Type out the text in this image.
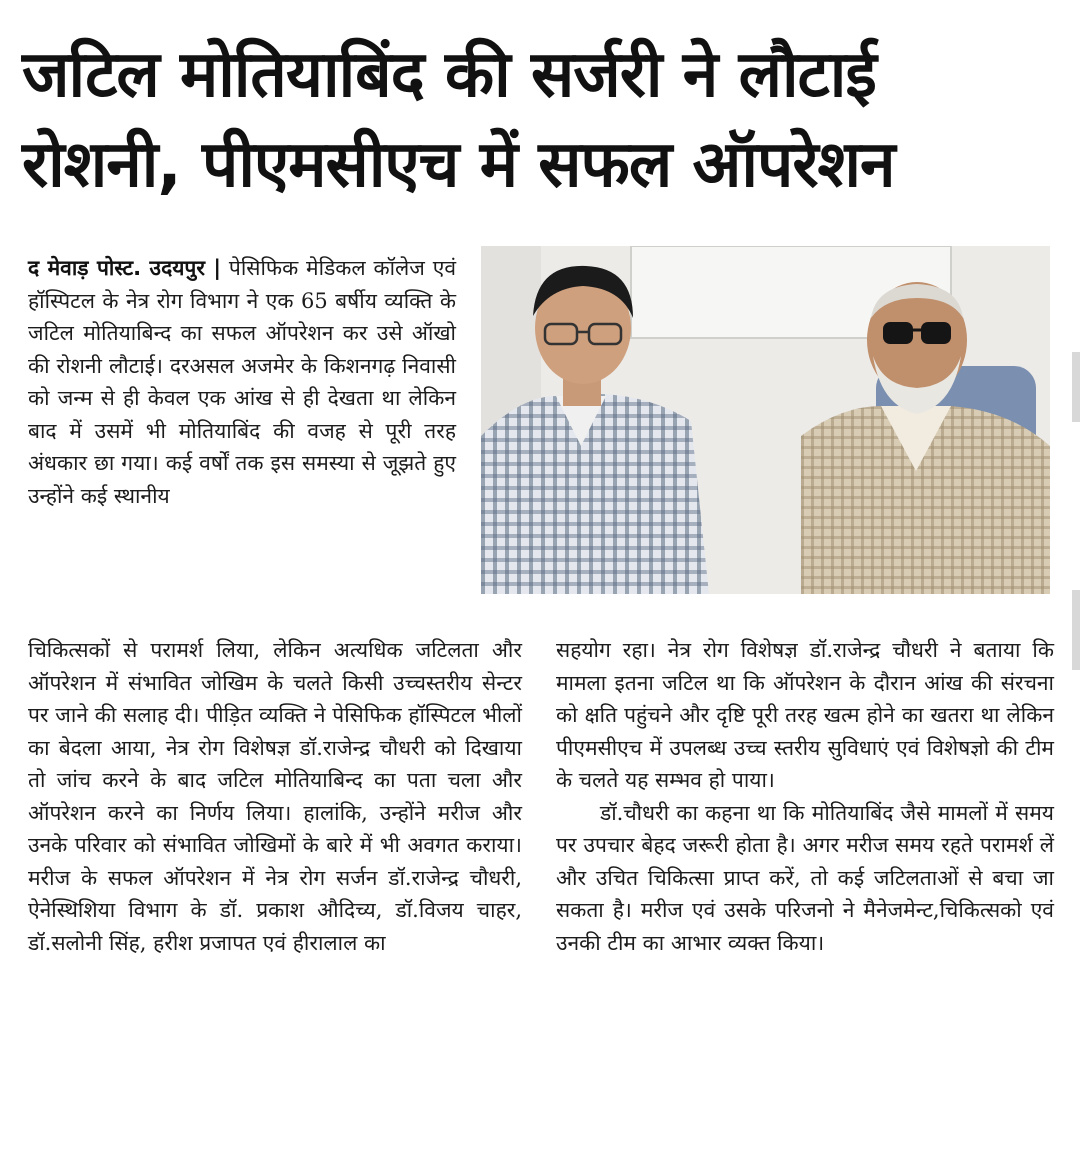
जटिल मोतियाबिंद की सर्जरी ने लौटाई
रोशनी, पीएमसीएच में सफल ऑपरेशन

द मेवाड़ पोस्ट. उदयपुर | पेसिफिक मेडिकल कॉलेज एवं हॉस्पिटल के नेत्र रोग विभाग ने एक 65 बर्षीय व्यक्ति के जटिल मोतियाबिन्द का सफल ऑपरेशन कर उसे ऑखो की रोशनी लौटाई। दरअसल अजमेर के किशनगढ़ निवासी को जन्म से ही केवल एक आंख से ही देखता था लेकिन बाद में उसमें भी मोतियाबिंद की वजह से पूरी तरह अंधकार छा गया। कई वर्षों तक इस समस्या से जूझते हुए उन्होंने कई स्थानीय

चिकित्सकों से परामर्श लिया, लेकिन अत्यधिक जटिलता और ऑपरेशन में संभावित जोखिम के चलते किसी उच्चस्तरीय सेन्टर पर जाने की सलाह दी। पीड़ित व्यक्ति ने पेसिफिक हॉस्पिटल भीलों का बेदला आया, नेत्र रोग विशेषज्ञ डॉ.राजेन्द्र चौधरी को दिखाया तो जांच करने के बाद जटिल मोतियाबिन्द का पता चला और ऑपरेशन करने का निर्णय लिया। हालांकि, उन्होंने मरीज और उनके परिवार को संभावित जोखिमों के बारे में भी अवगत कराया। मरीज के सफल ऑपरेशन में नेत्र रोग सर्जन डॉ.राजेन्द्र चौधरी, ऐनेस्थिशिया विभाग के डॉ. प्रकाश औदिच्य, डॉ.विजय चाहर, डॉ.सलोनी सिंह, हरीश प्रजापत एवं हीरालाल का

सहयोग रहा। नेत्र रोग विशेषज्ञ डॉ.राजेन्द्र चौधरी ने बताया कि मामला इतना जटिल था कि ऑपरेशन के दौरान आंख की संरचना को क्षति पहुंचने और दृष्टि पूरी तरह खत्म होने का खतरा था लेकिन पीएमसीएच में उपलब्ध उच्च स्तरीय सुविधाएं एवं विशेषज्ञो की टीम के चलते यह सम्भव हो पाया।

डॉ.चौधरी का कहना था कि मोतियाबिंद जैसे मामलों में समय पर उपचार बेहद जरूरी होता है। अगर मरीज समय रहते परामर्श लें और उचित चिकित्सा प्राप्त करें, तो कई जटिलताओं से बचा जा सकता है। मरीज एवं उसके परिजनो ने मैनेजमेन्ट,चिकित्सको एवं उनकी टीम का आभार व्यक्त किया।
